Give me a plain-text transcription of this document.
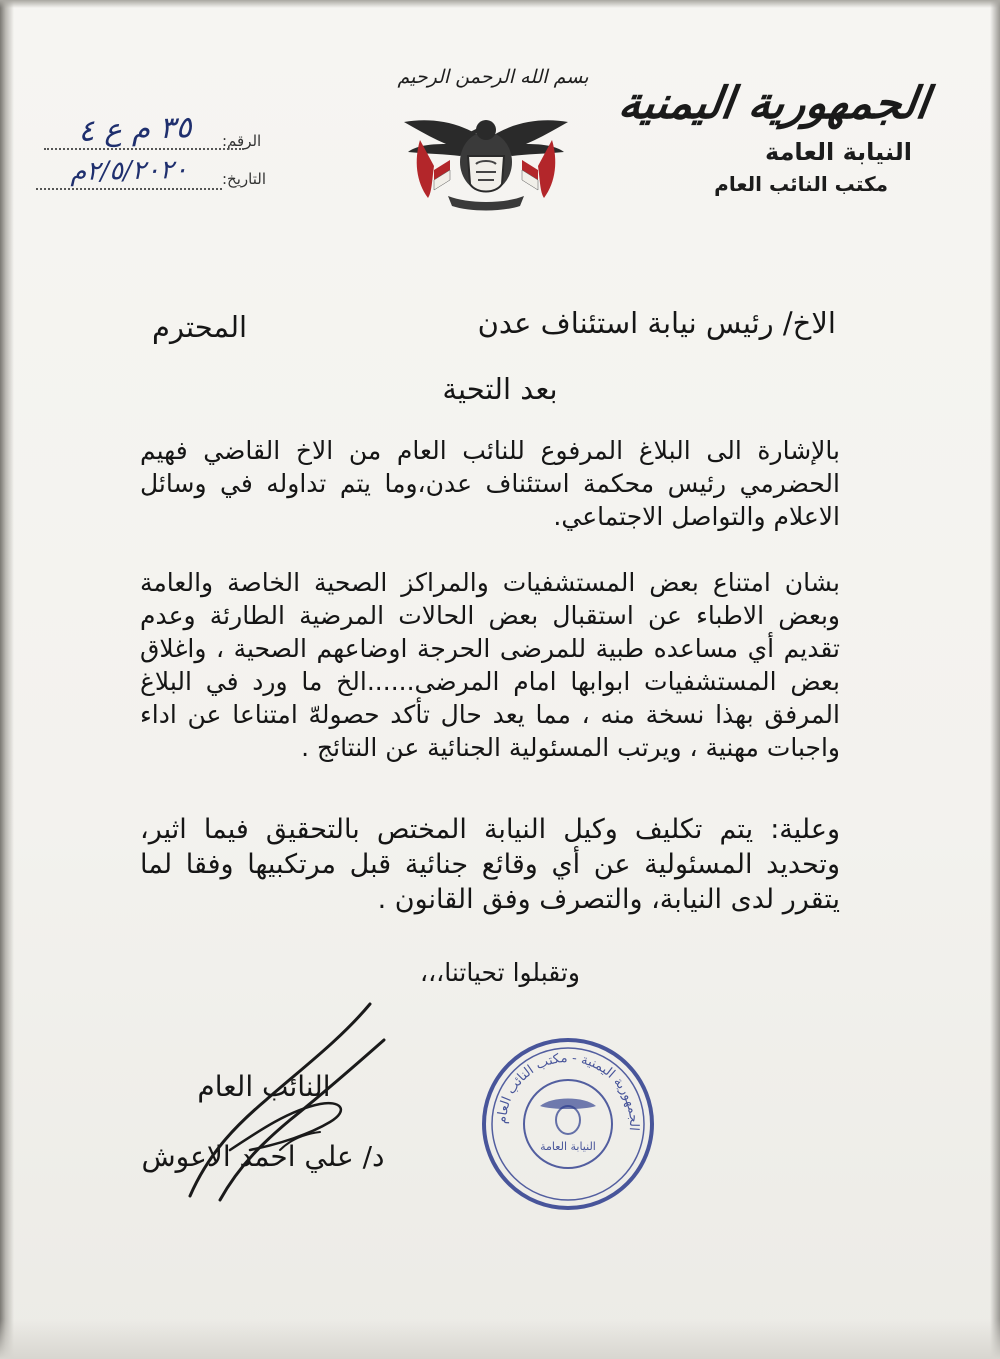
الجمهورية اليمنية
النيابة العامة
مكتب النائب العام
بسم الله الرحمن الرحيم
الرقم:
٣٥ م ع ٤
التاريخ:
٢/٥/٢٠٢٠م
الاخ/ رئيس نيابة استئناف عدن
المحترم
بعد التحية
بالإشارة الى البلاغ المرفوع للنائب العام من الاخ القاضي فهيم الحضرمي رئيس محكمة استئناف عدن،وما يتم تداوله في وسائل الاعلام والتواصل الاجتماعي.
بشان امتناع بعض المستشفيات والمراكز الصحية الخاصة والعامة وبعض الاطباء عن استقبال بعض الحالات المرضية الطارئة وعدم تقديم أي مساعده طبية للمرضى الحرجة اوضاعهم الصحية ، واغلاق بعض المستشفيات ابوابها امام المرضى......الخ ما ورد في البلاغ المرفق بهذا نسخة منه ، مما يعد حال تأكد حصولهّ امتناعا عن اداء واجبات مهنية ، ويرتب المسئولية الجنائية عن النتائج .
وعلية: يتم تكليف وكيل النيابة المختص بالتحقيق فيما اثير، وتحديد المسئولية عن أي وقائع جنائية قبل مرتكبيها وفقا لما يتقرر لدى النيابة، والتصرف وفق القانون .
وتقبلوا تحياتنا،،،
النائب العام
د/ علي احمد الاعوش
الجمهورية اليمنية - مكتب النائب العام
النيابة العامة
